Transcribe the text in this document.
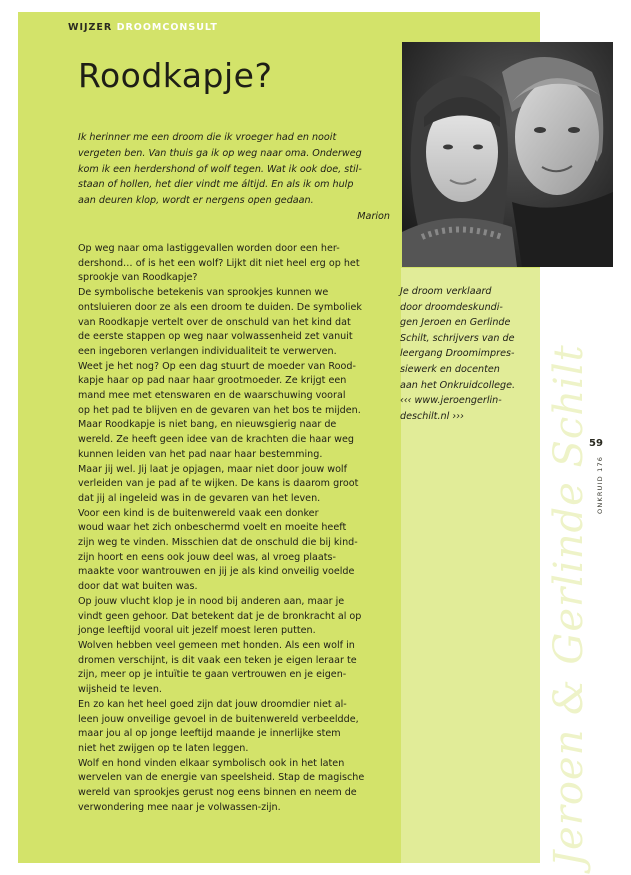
WIJZER DROOMCONSULT
Roodkapje?
Ik herinner me een droom die ik vroeger had en nooit
vergeten ben. Van thuis ga ik op weg naar oma. Onderweg
kom ik een herdershond of wolf tegen. Wat ik ook doe, stil-
staan of hollen, het dier vindt me áltijd. En als ik om hulp
aan deuren klop, wordt er nergens open gedaan.
Marion
Op weg naar oma lastiggevallen worden door een her-
dershond… of is het een wolf? Lijkt dit niet heel erg op het
sprookje van Roodkapje?
De symbolische betekenis van sprookjes kunnen we
ontsluieren door ze als een droom te duiden. De symboliek
van Roodkapje vertelt over de onschuld van het kind dat
de eerste stappen op weg naar volwassenheid zet vanuit
een ingeboren verlangen individualiteit te verwerven.
Weet je het nog? Op een dag stuurt de moeder van Rood-
kapje haar op pad naar haar grootmoeder. Ze krijgt een
mand mee met etenswaren en de waarschuwing vooral
op het pad te blijven en de gevaren van het bos te mijden.
Maar Roodkapje is niet bang, en nieuwsgierig naar de
wereld. Ze heeft geen idee van de krachten die haar weg
kunnen leiden van het pad naar haar bestemming.
Maar jij wel. Jij laat je opjagen, maar niet door jouw wolf
verleiden van je pad af te wijken. De kans is daarom groot
dat jij al ingeleid was in de gevaren van het leven.
Voor een kind is de buitenwereld vaak een donker
woud waar het zich onbeschermd voelt en moeite heeft
zijn weg te vinden. Misschien dat de onschuld die bij kind-
zijn hoort en eens ook jouw deel was, al vroeg plaats-
maakte voor wantrouwen en jij je als kind onveilig voelde
door dat wat buiten was.
Op jouw vlucht klop je in nood bij anderen aan, maar je
vindt geen gehoor. Dat betekent dat je de bronkracht al op
jonge leeftijd vooral uit jezelf moest leren putten.
Wolven hebben veel gemeen met honden. Als een wolf in
dromen verschijnt, is dit vaak een teken je eigen leraar te
zijn, meer op je intuïtie te gaan vertrouwen en je eigen-
wijsheid te leven.
En zo kan het heel goed zijn dat jouw droomdier niet al-
leen jouw onveilige gevoel in de buitenwereld verbeeldde,
maar jou al op jonge leeftijd maande je innerlijke stem
niet het zwijgen op te laten leggen.
Wolf en hond vinden elkaar symbolisch ook in het laten
wervelen van de energie van speelsheid. Stap de magische
wereld van sprookjes gerust nog eens binnen en neem de
verwondering mee naar je volwassen-zijn.
Je droom verklaard
door droomdeskundi-
gen Jeroen en Gerlinde
Schilt, schrijvers van de
leergang Droomimpres-
siewerk en docenten
aan het Onkruidcollege.
‹‹‹ www.jeroengerlin-
deschilt.nl ›››	Jeroen & Gerlinde Schilt
59
ONKRUID 176
